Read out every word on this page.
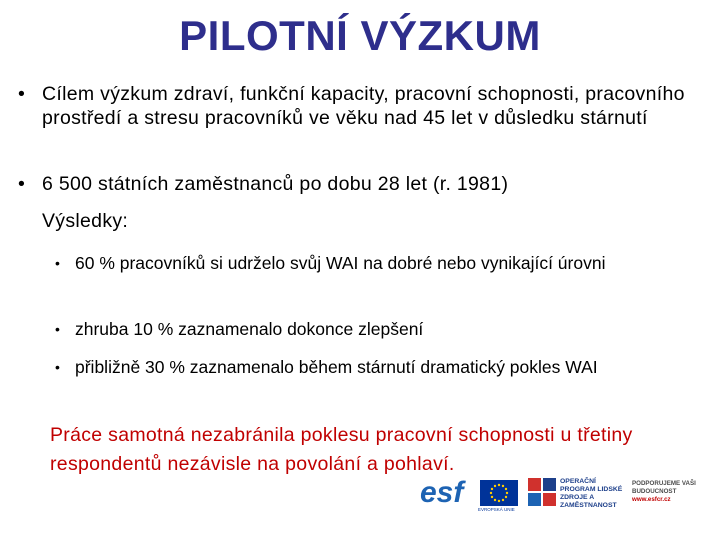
PILOTNÍ VÝZKUM
• Cílem výzkum zdraví, funkční kapacity, pracovní schopnosti, pracovního prostředí a stresu pracovníků ve věku nad 45 let v důsledku stárnutí
• 6 500 státních zaměstnanců po dobu 28 let (r. 1981)
Výsledky:
• 60 % pracovníků si udrželo svůj WAI na dobré nebo vynikající úrovni
• zhruba 10 % zaznamenalo dokonce zlepšení
• přibližně 30 % zaznamenalo během stárnutí dramatický pokles WAI
Práce samotná nezabránila poklesu pracovní schopnosti u třetiny respondentů nezávisle na povolání a pohlaví.
esf
EVROPSKÁ UNIE
OPERAČNÍ PROGRAM LIDSKÉ ZDROJE A ZAMĚSTNANOST
PODPORUJEME VAŠI BUDOUCNOST
www.esfcr.cz
